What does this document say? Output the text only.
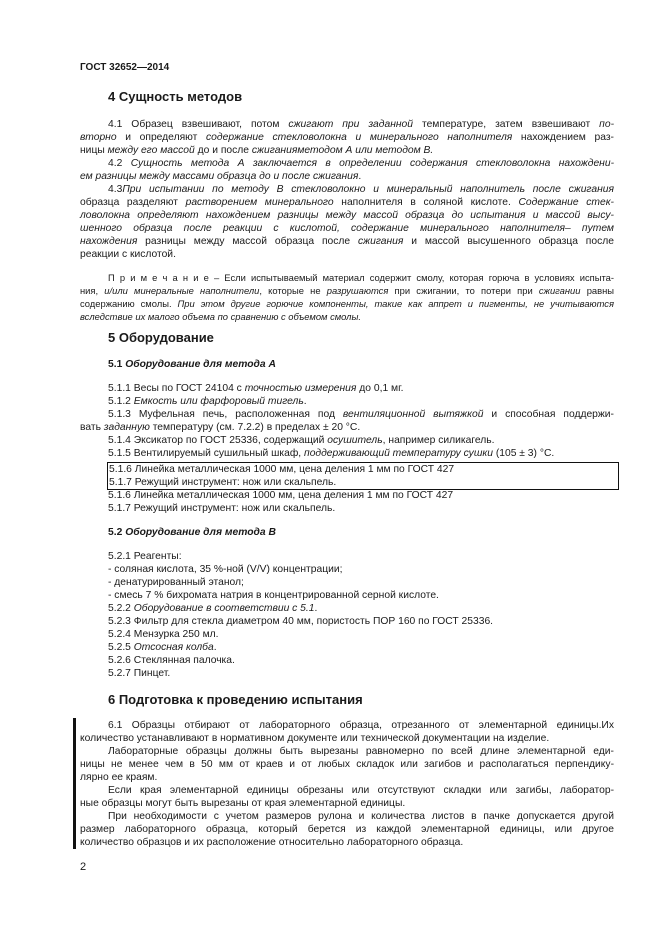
ГОСТ 32652—2014
4 Сущность методов
4.1 Образец взвешивают, потом сжигают при заданной температуре, затем взвешивают по-
вторно и определяют содержание стекловолокна и минерального наполнителя нахождением раз-
ницы между его массой до и после сжиганияметодом А или методом В.
4.2 Сущность метода А заключается в определении содержания стекловолокна нахождени-
ем разницы между массами образца до и после сжигания.
4.3При испытании по методу В стекловолокно и минеральный наполнитель после сжигания
образца разделяют растворением минерального наполнителя в соляной кислоте. Содержание стек-
ловолокна определяют нахождением разницы между массой образца до испытания и массой высу-
шенного образца после реакции с кислотой, содержание минерального наполнителя– путем
нахождения разницы между массой образца после сжигания и массой высушенного образца после
реакции с кислотой.
П р и м е ч а н и е – Если испытываемый материал содержит смолу, которая горюча в условиях испыта-
ния, и/или минеральные наполнители, которые не разрушаются при сжигании, то потери при сжигании равны
содержанию смолы. При этом другие горючие компоненты, такие как аппрет и пигменты, не учитываются
вследствие их малого объема по сравнению с объемом смолы.
5 Оборудование
5.1 Оборудование для метода А
5.1.1 Весы по ГОСТ 24104 с точностью измерения до 0,1 мг.
5.1.2 Емкость или фарфоровый тигель.
5.1.3 Муфельная печь, расположенная под вентиляционной вытяжкой и способная поддержи-
вать заданную температуру (см. 7.2.2) в пределах ± 20 °С.
5.1.4 Эксикатор по ГОСТ 25336, содержащий осушитель, например силикагель.
5.1.5 Вентилируемый сушильный шкаф, поддерживающий температуру сушки (105 ± 3) °С.
5.1.6 Линейка металлическая 1000 мм, цена деления 1 мм по ГОСТ 427
5.1.7 Режущий инструмент: нож или скальпель.
5.1.6 Линейка металлическая 1000 мм, цена деления 1 мм по ГОСТ 427
5.1.7 Режущий инструмент: нож или скальпель.
5.2 Оборудование для метода В
5.2.1 Реагенты:
- соляная кислота, 35 %-ной (V/V) концентрации;
- денатурированный этанол;
- смесь 7 % бихромата натрия в концентрированной серной кислоте.
5.2.2 Оборудование в соответствии с 5.1.
5.2.3 Фильтр для стекла диаметром 40 мм, пористость ПОР 160 по ГОСТ 25336.
5.2.4 Мензурка 250 мл.
5.2.5 Отсосная колба.
5.2.6 Стеклянная палочка.
5.2.7 Пинцет.
6 Подготовка к проведению испытания
6.1 Образцы отбирают от лабораторного образца, отрезанного от элементарной единицы.Их
количество устанавливают в нормативном документе или технической документации на изделие.
Лабораторные образцы должны быть вырезаны равномерно по всей длине элементарной еди-
ницы не менее чем в 50 мм от краев и от любых складок или загибов и располагаться перпендику-
лярно ее краям.
Если края элементарной единицы обрезаны или отсутствуют складки или загибы, лаборатор-
ные образцы могут быть вырезаны от края элементарной единицы.
При необходимости с учетом размеров рулона и количества листов в пачке допускается другой
размер лабораторного образца, который берется из каждой элементарной единицы, или другое
количество образцов и их расположение относительно лабораторного образца.
2
